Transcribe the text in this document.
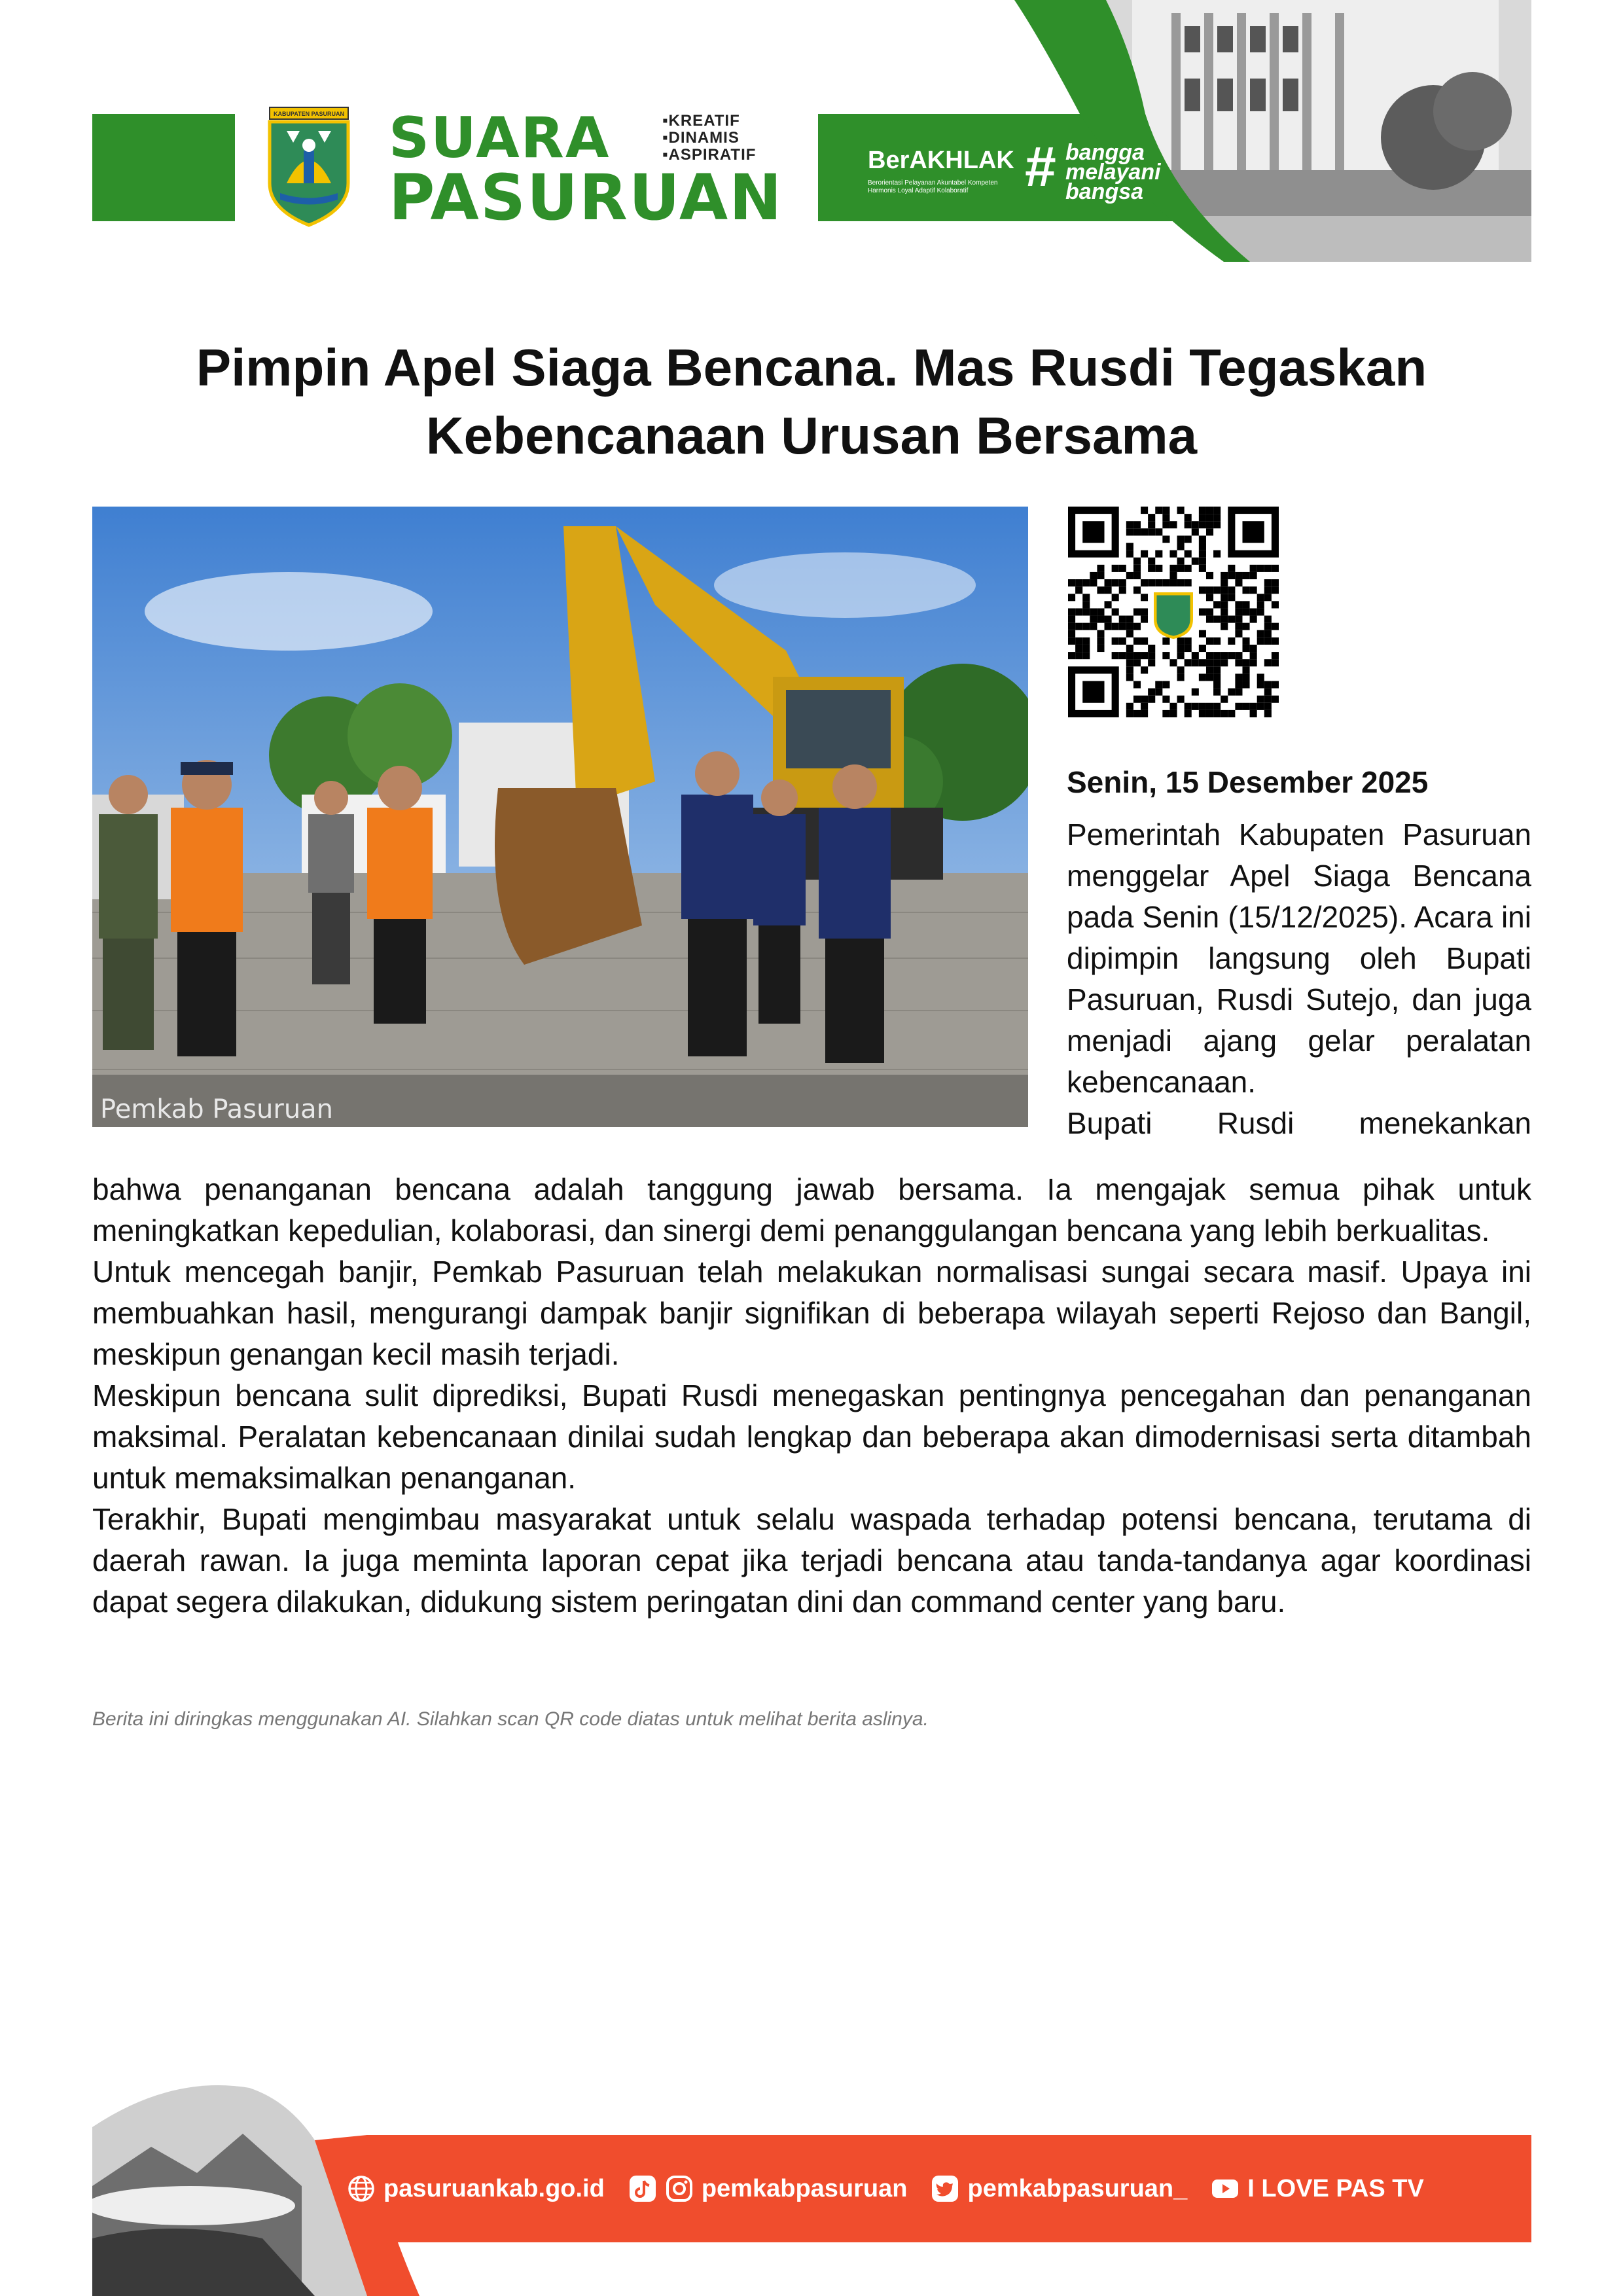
KABUPATEN PASURUAN SUARA
PASURUAN
▪KREATIF
▪DINAMIS
▪ASPIRATIF	BerAKHLAK
Berorientasi Pelayanan Akuntabel Kompeten Harmonis Loyal Adaptif Kolaboratif	# bangga
melayani
bangsa
Pimpin Apel Siaga Bencana. Mas Rusdi Tegaskan
Kebencanaan Urusan Bersama
Pemkab Pasuruan
Senin, 15 Desember 2025
Pemerintah Kabupaten Pasuruan menggelar Apel Siaga Bencana pada Senin (15/12/2025). Acara ini dipimpin langsung oleh Bupati Pasuruan, Rusdi Sutejo, dan juga menjadi ajang gelar peralatan kebencanaan.
Bupati Rusdi menekankan

bahwa penanganan bencana adalah tanggung jawab bersama. Ia mengajak semua pihak untuk meningkatkan kepedulian, kolaborasi, dan sinergi demi penanggulangan bencana yang lebih berkualitas.

Untuk mencegah banjir, Pemkab Pasuruan telah melakukan normalisasi sungai secara masif. Upaya ini membuahkan hasil, mengurangi dampak banjir signifikan di beberapa wilayah seperti Rejoso dan Bangil, meskipun genangan kecil masih terjadi.

Meskipun bencana sulit diprediksi, Bupati Rusdi menegaskan pentingnya pencegahan dan penanganan maksimal. Peralatan kebencanaan dinilai sudah lengkap dan beberapa akan dimodernisasi serta ditambah untuk memaksimalkan penanganan.

Terakhir, Bupati mengimbau masyarakat untuk selalu waspada terhadap potensi bencana, terutama di daerah rawan. Ia juga meminta laporan cepat jika terjadi bencana atau tanda-tandanya agar koordinasi dapat segera dilakukan, didukung sistem peringatan dini dan command center yang baru.

Berita ini diringkas menggunakan AI. Silahkan scan QR code diatas untuk melihat berita aslinya.
pasuruankab.go.id	pemkabpasuruan pemkabpasuruan_ I LOVE PAS TV
